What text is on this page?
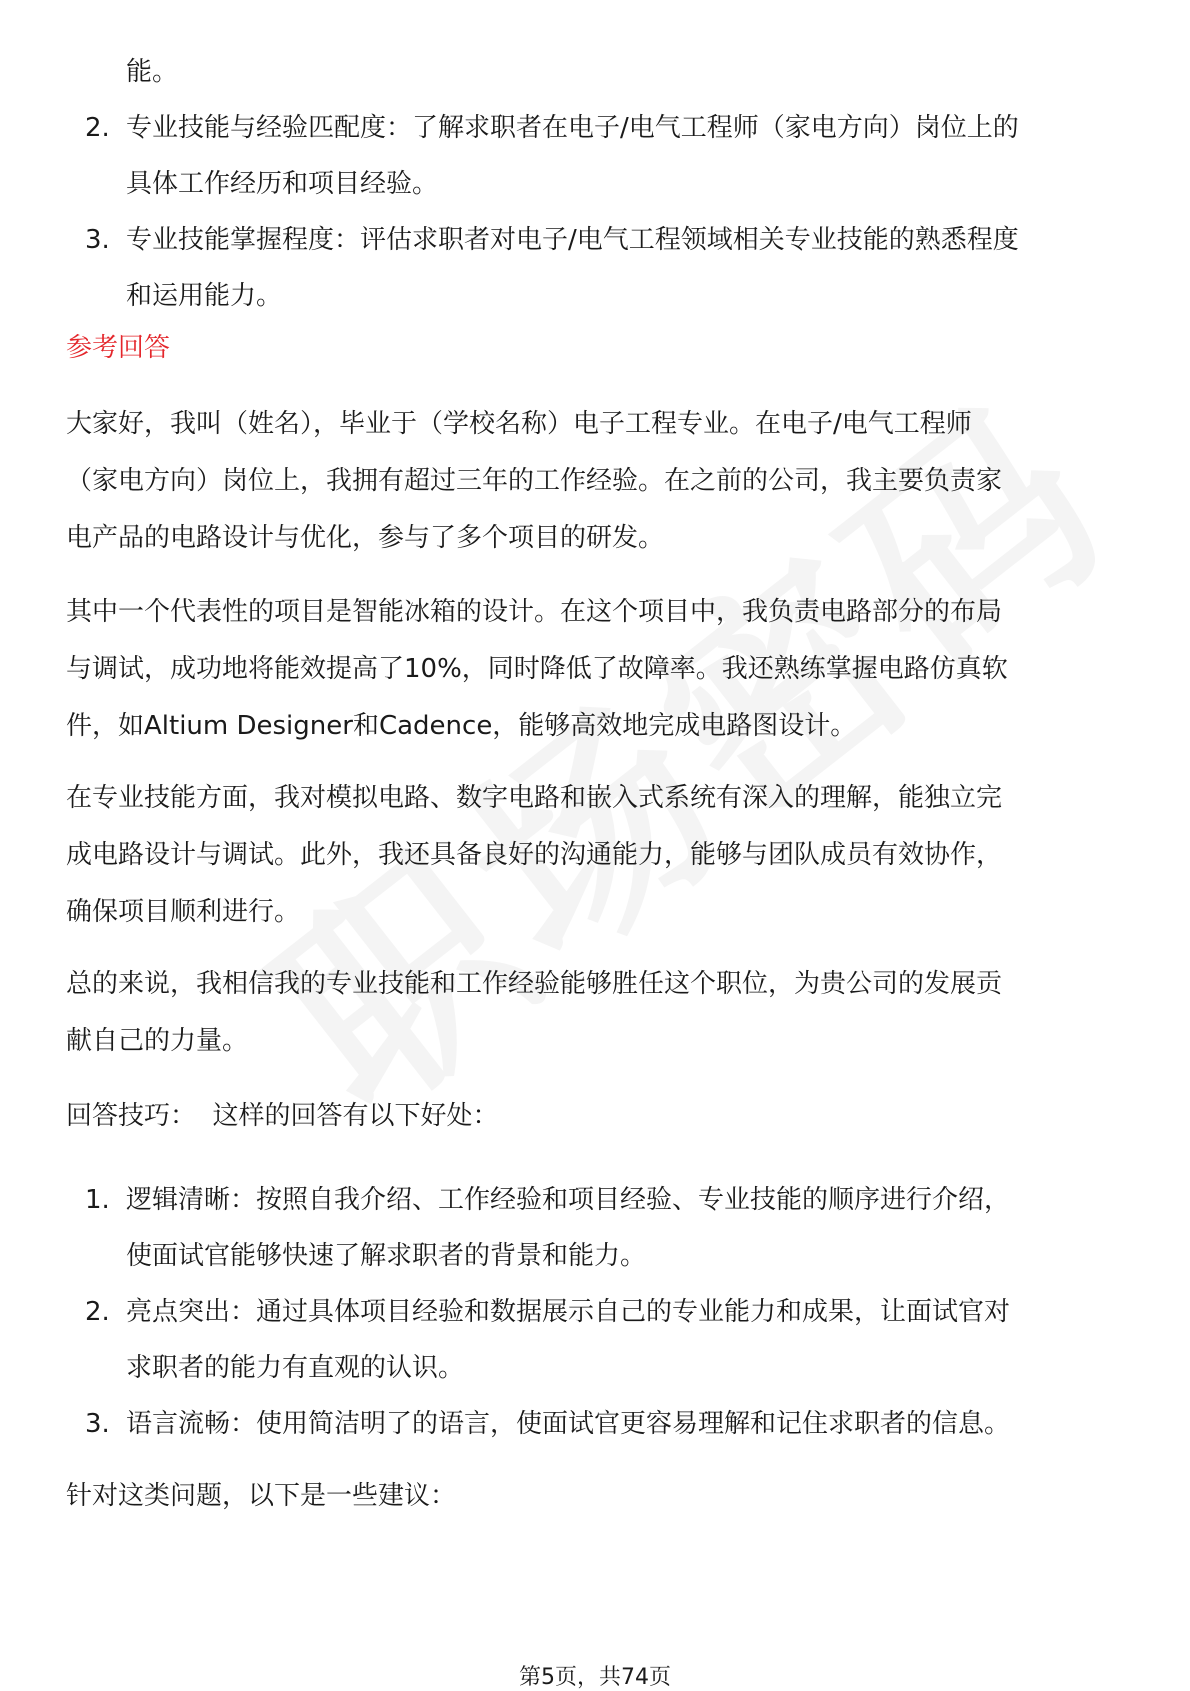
能。
2. 专业技能与经验匹配度：了解求职者在电子/电气工程师（家电方向）岗位上的
具体工作经历和项目经验。
3. 专业技能掌握程度：评估求职者对电子/电气工程领域相关专业技能的熟悉程度
和运用能力。

参考回答

大家好，我叫（姓名），毕业于（学校名称）电子工程专业。在电子/电气工程师

（家电方向）岗位上，我拥有超过三年的工作经验。在之前的公司，我主要负责家

电产品的电路设计与优化，参与了多个项目的研发。

其中一个代表性的项目是智能冰箱的设计。在这个项目中，我负责电路部分的布局

与调试，成功地将能效提高了10%，同时降低了故障率。我还熟练掌握电路仿真软

件，如Altium Designer和Cadence，能够高效地完成电路图设计。

在专业技能方面，我对模拟电路、数字电路和嵌入式系统有深入的理解，能独立完

成电路设计与调试。此外，我还具备良好的沟通能力，能够与团队成员有效协作，

确保项目顺利进行。

总的来说，我相信我的专业技能和工作经验能够胜任这个职位，为贵公司的发展贡

献自己的力量。

回答技巧：  这样的回答有以下好处：

1. 逻辑清晰：按照自我介绍、工作经验和项目经验、专业技能的顺序进行介绍，
使面试官能够快速了解求职者的背景和能力。
2. 亮点突出：通过具体项目经验和数据展示自己的专业能力和成果，让面试官对
求职者的能力有直观的认识。
3. 语言流畅：使用简洁明了的语言，使面试官更容易理解和记住求职者的信息。

针对这类问题，以下是一些建议：

第5页，共74页
